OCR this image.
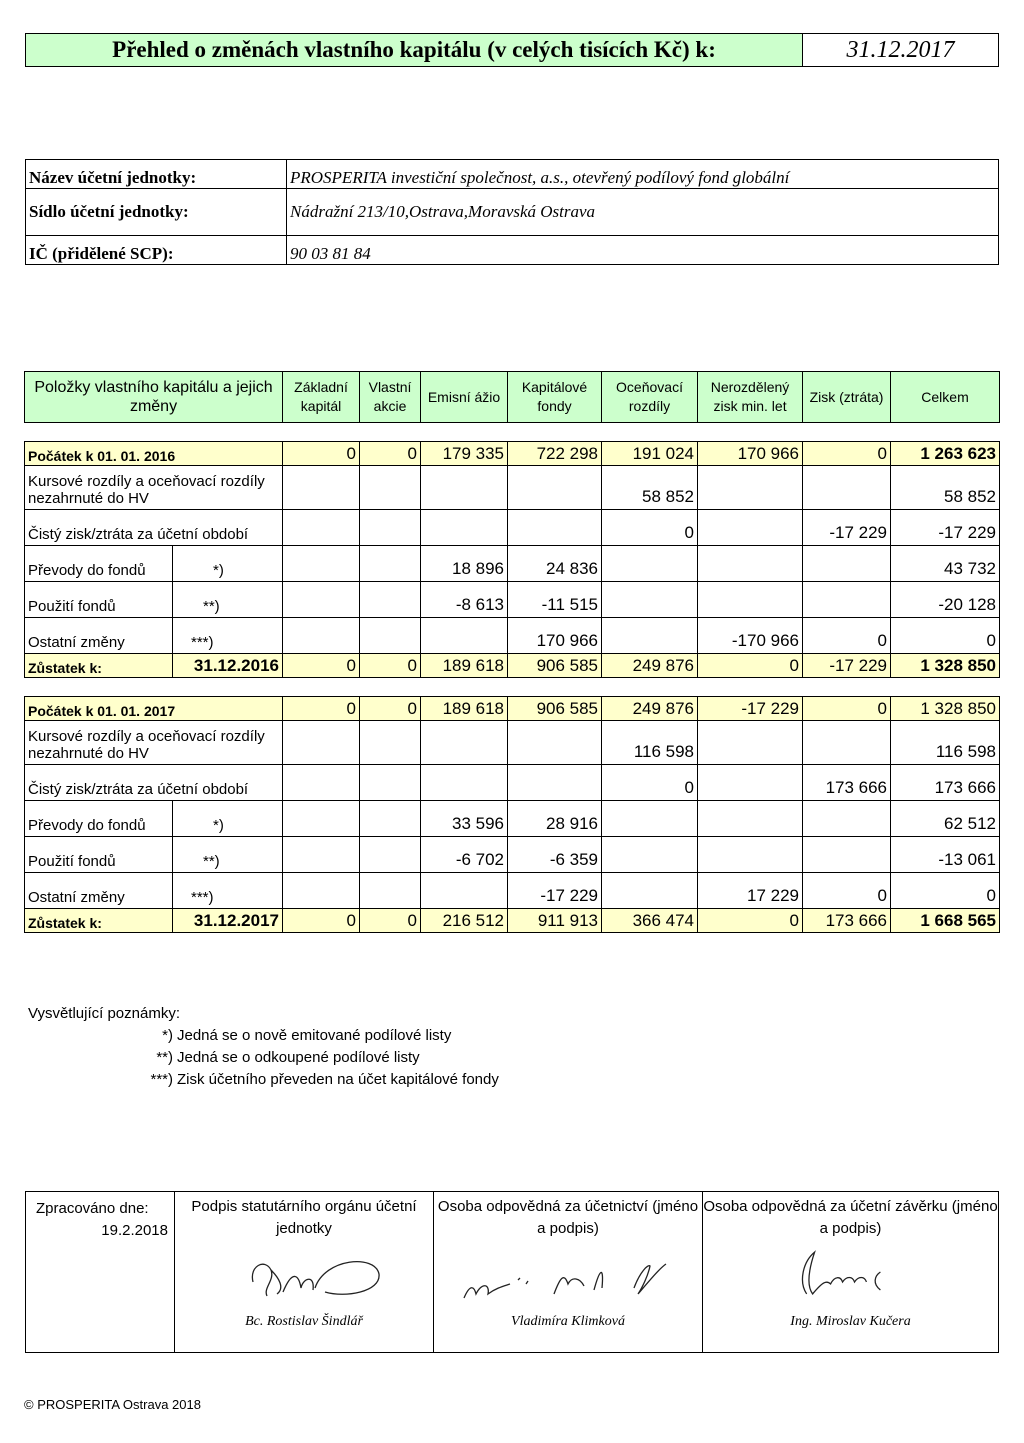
Přehled o změnách vlastního kapitálu (v celých tisících Kč) k:	31.12.2017
Název účetní jednotky:	PROSPERITA investiční společnost, a.s., otevřený podílový fond globální
Sídlo účetní jednotky:	Nádražní 213/10,Ostrava,Moravská Ostrava
IČ (přidělené SCP):	90 03 81 84
Položky vlastního kapitálu a jejich změny		Základní kapitál	Vlastní akcie	Emisní ážio	Kapitálové fondy	Oceňovací rozdíly	Nerozdělený zisk min. let	Zisk (ztráta)	Celkem

Počátek k 01. 01. 2016		0	0	179 335	722 298	191 024	170 966	0	1 263 623
Kursové rozdíly a oceňovací rozdíly nezahrnuté do HV						58 852			58 852
Čistý zisk/ztráta za účetní období						0		-17 229	-17 229
Převody do fondů	*)			18 896	24 836				43 732
Použití fondů	**)			-8 613	-11 515				-20 128
Ostatní změny	***)				170 966		-170 966	0	0
Zůstatek k:	31.12.2016	0	0	189 618	906 585	249 876	0	-17 229	1 328 850

Počátek k 01. 01. 2017		0	0	189 618	906 585	249 876	-17 229	0	1 328 850
Kursové rozdíly a oceňovací rozdíly nezahrnuté do HV						116 598			116 598
Čistý zisk/ztráta za účetní období						0		173 666	173 666
Převody do fondů	*)			33 596	28 916				62 512
Použití fondů	**)			-6 702	-6 359				-13 061
Ostatní změny	***)				-17 229		17 229	0	0
Zůstatek k:	31.12.2017	0	0	216 512	911 913	366 474	0	173 666	1 668 565
Vysvětlující poznámky:
*) Jedná se o nově emitované podílové listy
**) Jedná se o odkoupené podílové listy
***) Zisk účetního převeden na účet kapitálové fondy
Zpracováno dne:
19.2.2018
Podpis statutárního orgánu účetní jednotky
Bc. Rostislav Šindlář
Osoba odpovědná za účetnictví (jméno a podpis)
Vladimíra Klimková
Osoba odpovědná za účetní závěrku (jméno a podpis)
Ing. Miroslav Kučera
© PROSPERITA Ostrava 2018
